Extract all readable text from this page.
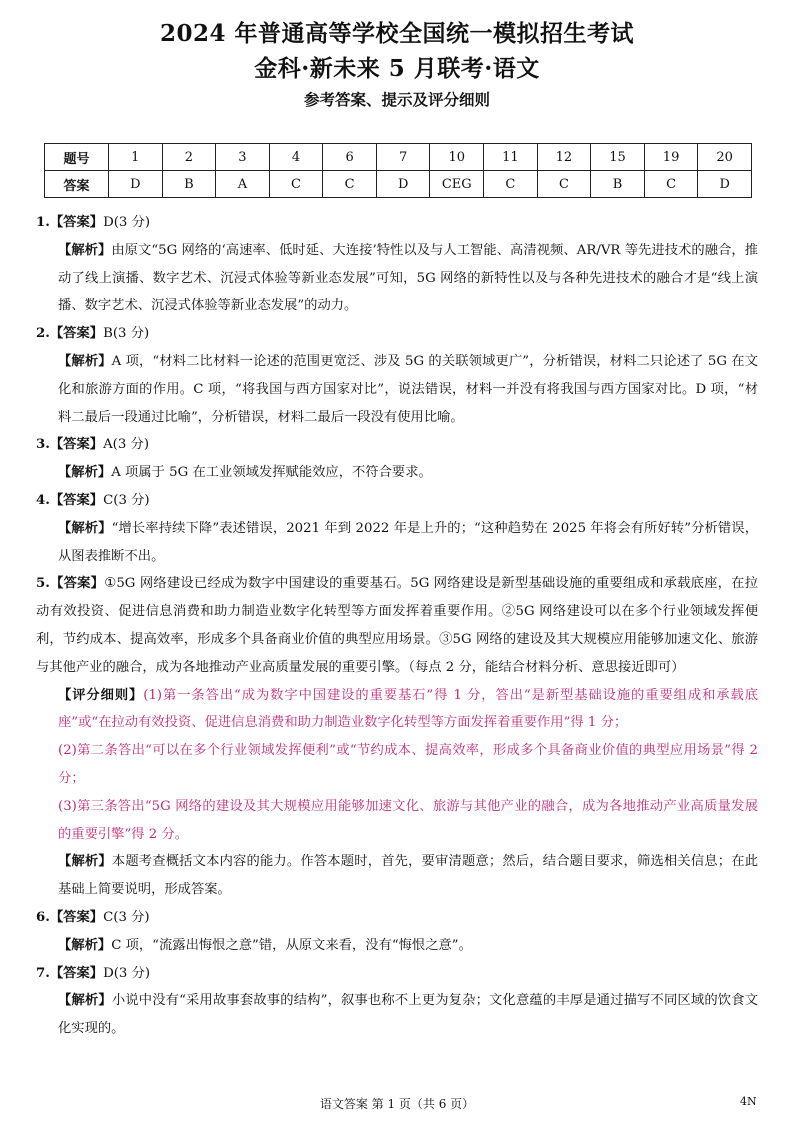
2024 年普通高等学校全国统一模拟招生考试
金科·新未来 5 月联考·语文
参考答案、提示及评分细则
题号	1	2	3	4	6	7	10	11	12	15	19	20
答案	D	B	A	C	C	D	CEG	C	C	B	C	D

1.【答案】D(3 分)

【解析】由原文“5G 网络的‘高速率、低时延、大连接’特性以及与人工智能、高清视频、AR/VR 等先进技术的融合，推动了线上演播、数字艺术、沉浸式体验等新业态发展”可知，5G 网络的新特性以及与各种先进技术的融合才是“线上演播、数字艺术、沉浸式体验等新业态发展”的动力。

2.【答案】B(3 分)

【解析】A 项，“材料二比材料一论述的范围更宽泛、涉及 5G 的关联领域更广”，分析错误，材料二只论述了 5G 在文化和旅游方面的作用。C 项，“将我国与西方国家对比”，说法错误，材料一并没有将我国与西方国家对比。D 项，“材料二最后一段通过比喻”，分析错误，材料二最后一段没有使用比喻。

3.【答案】A(3 分)

【解析】A 项属于 5G 在工业领域发挥赋能效应，不符合要求。

4.【答案】C(3 分)

【解析】“增长率持续下降”表述错误，2021 年到 2022 年是上升的；“这种趋势在 2025 年将会有所好转”分析错误，从图表推断不出。

5.【答案】①5G 网络建设已经成为数字中国建设的重要基石。5G 网络建设是新型基础设施的重要组成和承载底座，在拉动有效投资、促进信息消费和助力制造业数字化转型等方面发挥着重要作用。②5G 网络建设可以在多个行业领域发挥便利，节约成本、提高效率，形成多个具备商业价值的典型应用场景。③5G 网络的建设及其大规模应用能够加速文化、旅游与其他产业的融合，成为各地推动产业高质量发展的重要引擎。（每点 2 分，能结合材料分析、意思接近即可）

【评分细则】(1)第一条答出“成为数字中国建设的重要基石”得 1 分，答出“是新型基础设施的重要组成和承载底座”或“在拉动有效投资、促进信息消费和助力制造业数字化转型等方面发挥着重要作用”得 1 分；

(2)第二条答出“可以在多个行业领域发挥便利”或“节约成本、提高效率，形成多个具备商业价值的典型应用场景”得 2 分；

(3)第三条答出“5G 网络的建设及其大规模应用能够加速文化、旅游与其他产业的融合，成为各地推动产业高质量发展的重要引擎”得 2 分。

【解析】本题考查概括文本内容的能力。作答本题时，首先，要审清题意；然后，结合题目要求，筛选相关信息；在此基础上简要说明，形成答案。

6.【答案】C(3 分)

【解析】C 项，“流露出悔恨之意”错，从原文来看，没有“悔恨之意”。

7.【答案】D(3 分)

【解析】小说中没有“采用故事套故事的结构”，叙事也称不上更为复杂；文化意蕴的丰厚是通过描写不同区域的饮食文化实现的。

语文答案 第 1 页（共 6 页）	4N
